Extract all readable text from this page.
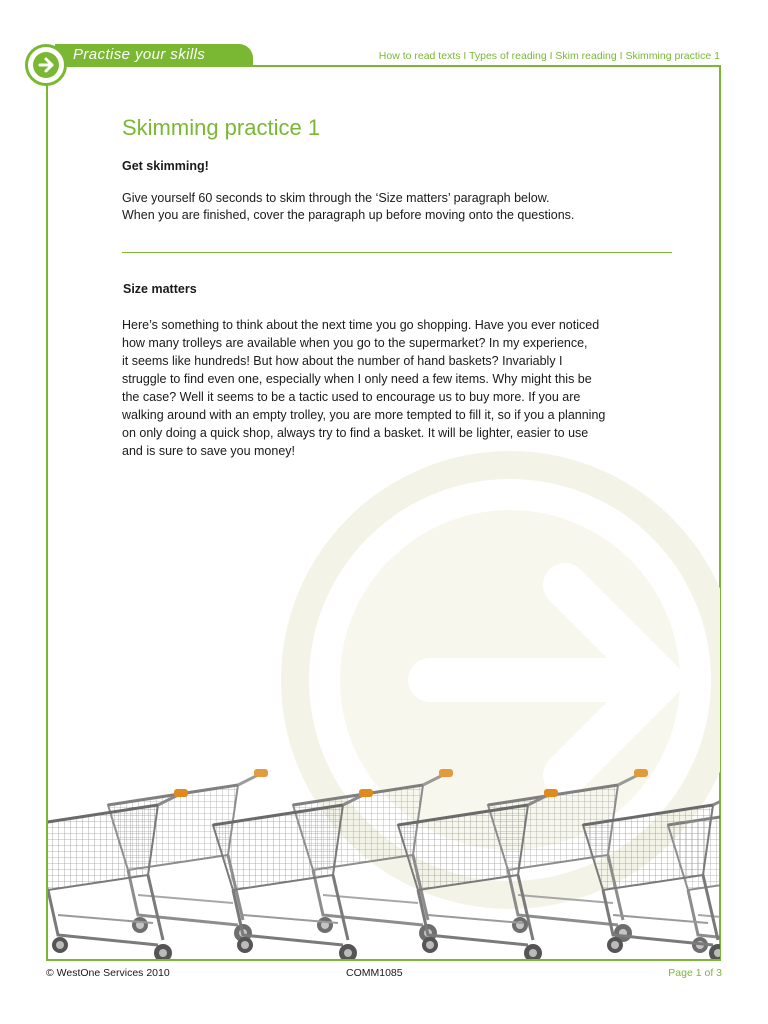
Practise your skills	How to read texts I Types of reading I Skim reading I Skimming practice 1
Skimming practice 1
Get skimming!
Give yourself 60 seconds to skim through the ‘Size matters’ paragraph below.
When you are finished, cover the paragraph up before moving onto the questions.
Size matters
Here’s something to think about the next time you go shopping. Have you ever noticed
how many trolleys are available when you go to the supermarket? In my experience,
it seems like hundreds! But how about the number of hand baskets? Invariably I
struggle to find even one, especially when I only need a few items. Why might this be
the case? Well it seems to be a tactic used to encourage us to buy more. If you are
walking around with an empty trolley, you are more tempted to fill it, so if you a planning
on only doing a quick shop, always try to find a basket. It will be lighter, easier to use
and is sure to save you money!
© WestOne Services 2010	COMM1085	Page 1 of 3
